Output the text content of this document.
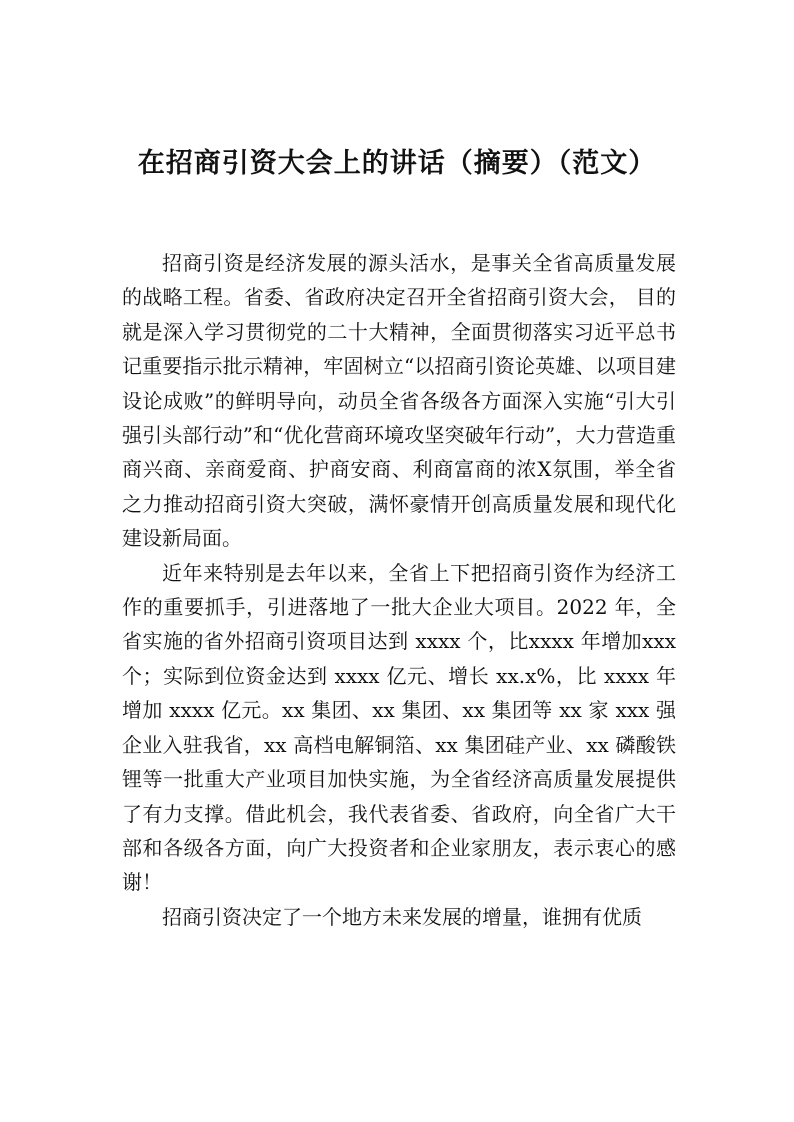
在招商引资大会上的讲话（摘要）（范文）

招商引资是经济发展的源头活水，是事关全省高质量发展的战略工程。省委、省政府决定召开全省招商引资大会， 目的就是深入学习贯彻党的二十大精神，全面贯彻落实习近平总书记重要指示批示精神，牢固树立“以招商引资论英雄、以项目建设论成败”的鲜明导向，动员全省各级各方面深入实施“引大引强引头部行动”和“优化营商环境攻坚突破年行动”，大力营造重商兴商、亲商爱商、护商安商、利商富商的浓X氛围，举全省之力推动招商引资大突破，满怀豪情开创高质量发展和现代化建设新局面。

近年来特别是去年以来，全省上下把招商引资作为经济工作的重要抓手，引进落地了一批大企业大项目。2022 年，全省实施的省外招商引资项目达到 xxxx 个，比xxxx 年增加xxx 个；实际到位资金达到 xxxx 亿元、增长 xx.x%，比 xxxx 年增加 xxxx 亿元。xx 集团、xx 集团、xx 集团等 xx 家 xxx 强企业入驻我省，xx 高档电解铜箔、xx 集团硅产业、xx 磷酸铁锂等一批重大产业项目加快实施，为全省经济高质量发展提供了有力支撑。借此机会，我代表省委、省政府，向全省广大干部和各级各方面，向广大投资者和企业家朋友，表示衷心的感谢！

招商引资决定了一个地方未来发展的增量，谁拥有优质
